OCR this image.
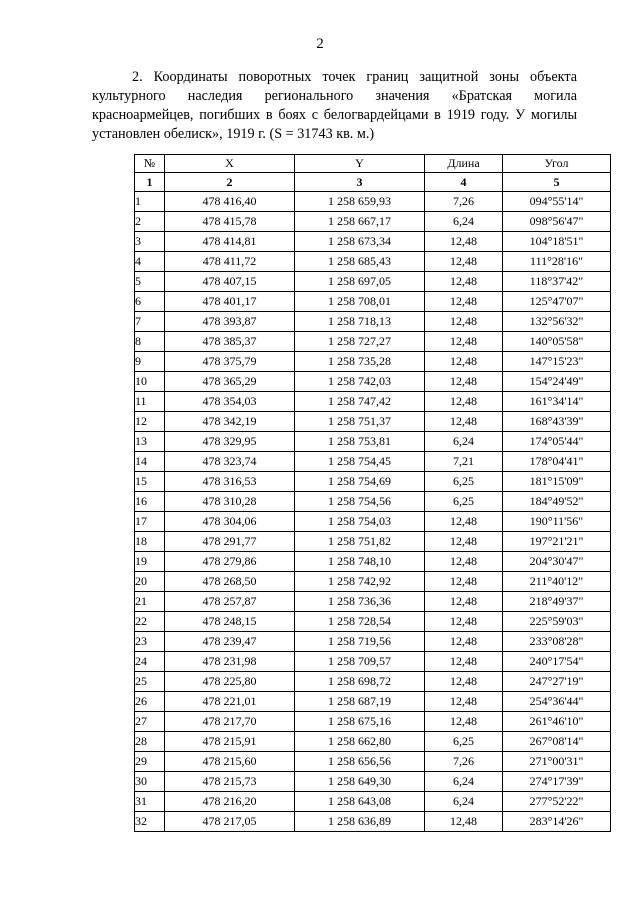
2

2. Координаты поворотных точек границ защитной зоны объекта культурного наследия регионального значения «Братская могила красноармейцев, погибших в боях с белогвардейцами в 1919 году. У могилы установлен обелиск», 1919 г. (S = 31743 кв. м.)

№	X	Y	Длина	Угол
1	2	3	4	5
1	478 416,40	1 258 659,93	7,26	094°55'14"
2	478 415,78	1 258 667,17	6,24	098°56'47"
3	478 414,81	1 258 673,34	12,48	104°18'51"
4	478 411,72	1 258 685,43	12,48	111°28'16"
5	478 407,15	1 258 697,05	12,48	118°37'42"
6	478 401,17	1 258 708,01	12,48	125°47'07"
7	478 393,87	1 258 718,13	12,48	132°56'32"
8	478 385,37	1 258 727,27	12,48	140°05'58"
9	478 375,79	1 258 735,28	12,48	147°15'23"
10	478 365,29	1 258 742,03	12,48	154°24'49"
11	478 354,03	1 258 747,42	12,48	161°34'14"
12	478 342,19	1 258 751,37	12,48	168°43'39"
13	478 329,95	1 258 753,81	6,24	174°05'44"
14	478 323,74	1 258 754,45	7,21	178°04'41"
15	478 316,53	1 258 754,69	6,25	181°15'09"
16	478 310,28	1 258 754,56	6,25	184°49'52"
17	478 304,06	1 258 754,03	12,48	190°11'56"
18	478 291,77	1 258 751,82	12,48	197°21'21"
19	478 279,86	1 258 748,10	12,48	204°30'47"
20	478 268,50	1 258 742,92	12,48	211°40'12"
21	478 257,87	1 258 736,36	12,48	218°49'37"
22	478 248,15	1 258 728,54	12,48	225°59'03"
23	478 239,47	1 258 719,56	12,48	233°08'28"
24	478 231,98	1 258 709,57	12,48	240°17'54"
25	478 225,80	1 258 698,72	12,48	247°27'19"
26	478 221,01	1 258 687,19	12,48	254°36'44"
27	478 217,70	1 258 675,16	12,48	261°46'10"
28	478 215,91	1 258 662,80	6,25	267°08'14"
29	478 215,60	1 258 656,56	7,26	271°00'31"
30	478 215,73	1 258 649,30	6,24	274°17'39"
31	478 216,20	1 258 643,08	6,24	277°52'22"
32	478 217,05	1 258 636,89	12,48	283°14'26"
